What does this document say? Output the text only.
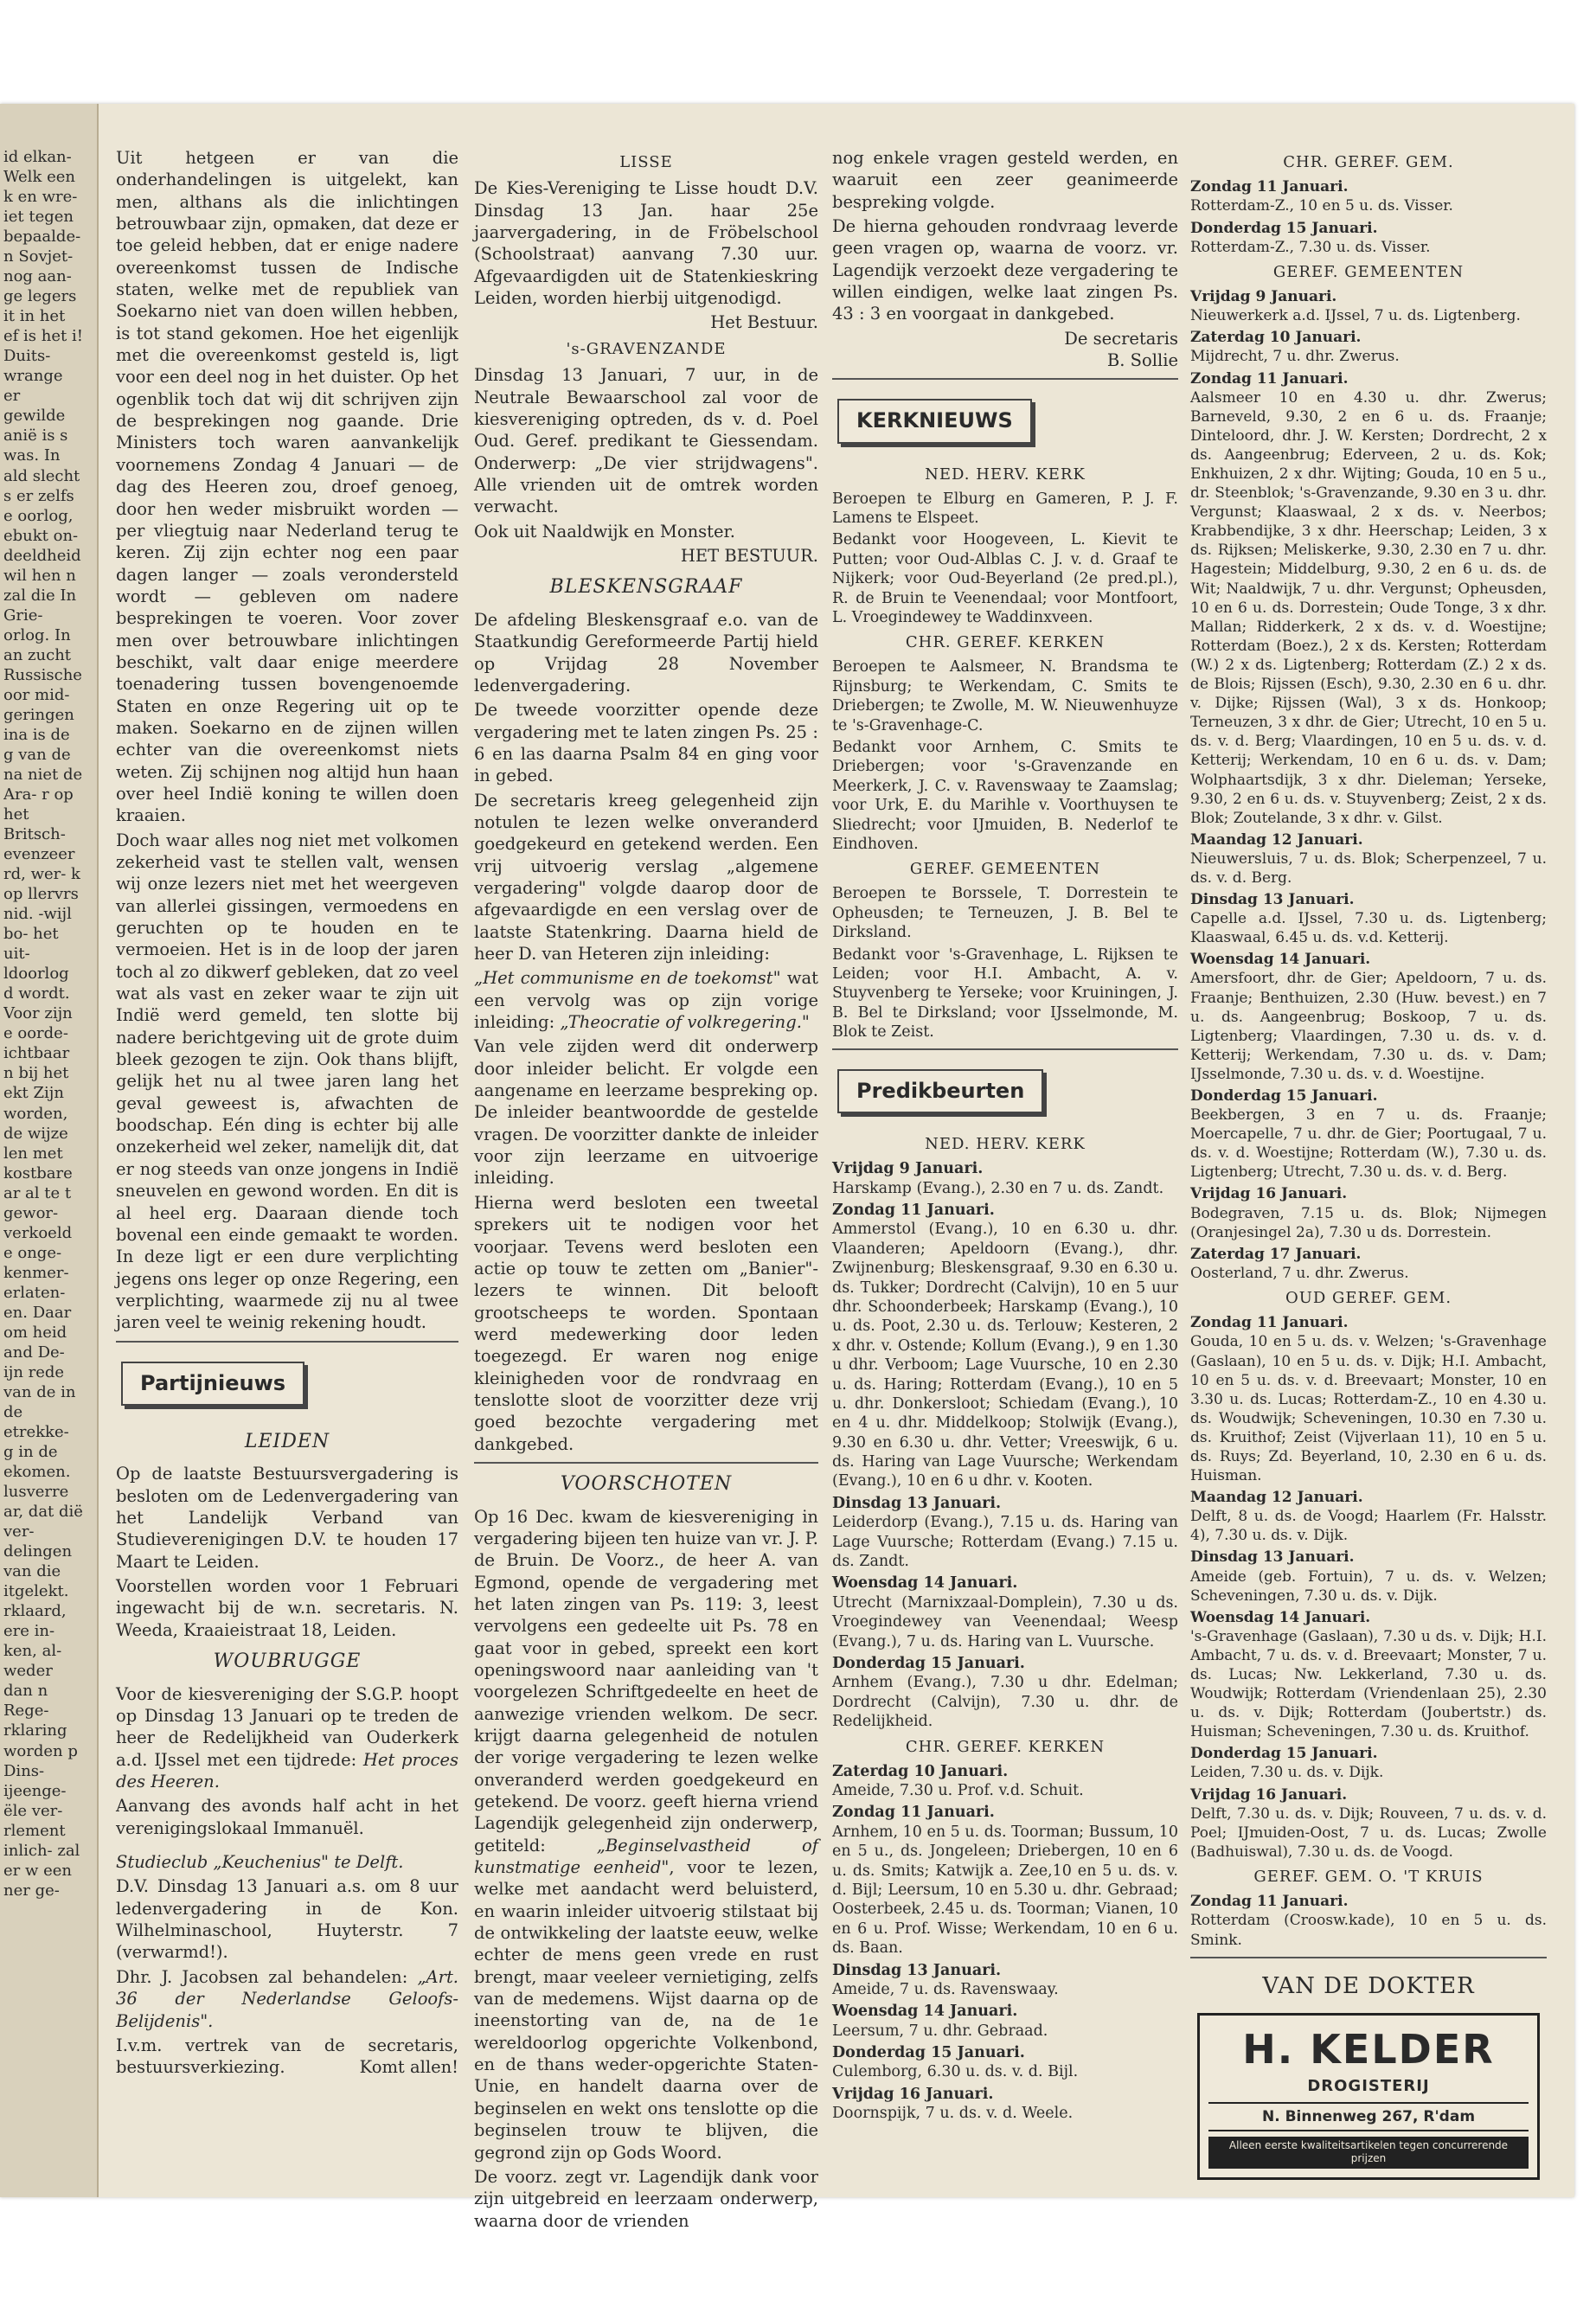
id elkan- Welk een k en wre- iet tegen bepaalde- n Sovjet- nog aan- ge legers it in het ef is het i! Duits- wrange er gewilde anië is s was. In ald slecht s er zelfs e oorlog, ebukt on- deeldheid wil hen n zal die In Grie- orlog. In an zucht Russische oor mid- geringen ina is de g van de na niet de Ara- r op het Britsch- evenzeer rd, wer- k op llervrs nid. -wijl bo- het uit- ldoorlog d wordt. Voor zijn e oorde- ichtbaar n bij het ekt Zijn worden, de wijze len met kostbare ar al te t gewor- verkoeld e onge- kenmer- erlaten- en. Daar om heid and De- ijn rede van de in de etrekke- g in de ekomen. lusverre ar, dat dië ver- delingen van die itgelekt. rklaard, ere in- ken, al- weder dan n Rege- rklaring worden p Dins- ijeenge- ële ver- rlement inlich- zal er w een ner ge-

Uit hetgeen er van die onderhandelingen is uitgelekt, kan men, althans als die inlichtingen betrouwbaar zijn, opmaken, dat deze er toe geleid hebben, dat er enige nadere overeenkomst tussen de Indische staten, welke met de republiek van Soekarno niet van doen willen hebben, is tot stand gekomen. Hoe het eigenlijk met die overeenkomst gesteld is, ligt voor een deel nog in het duister. Op het ogenblik toch dat wij dit schrijven zijn de besprekingen nog gaande. Drie Ministers toch waren aanvankelijk voornemens Zondag 4 Januari — de dag des Heeren zou, droef genoeg, door hen weder misbruikt worden — per vliegtuig naar Nederland terug te keren. Zij zijn echter nog een paar dagen langer — zoals verondersteld wordt — gebleven om nadere besprekingen te voeren. Voor zover men over betrouwbare inlichtingen beschikt, valt daar enige meerdere toenadering tussen bovengenoemde Staten en onze Regering uit op te maken. Soekarno en de zijnen willen echter van die overeenkomst niets weten. Zij schijnen nog altijd hun haan over heel Indië koning te willen doen kraaien.

Doch waar alles nog niet met volkomen zekerheid vast te stellen valt, wensen wij onze lezers niet met het weergeven van allerlei gissingen, vermoedens en geruchten op te houden en te vermoeien. Het is in de loop der jaren toch al zo dikwerf gebleken, dat zo veel wat als vast en zeker waar te zijn uit Indië werd gemeld, ten slotte bij nadere berichtgeving uit de grote duim bleek gezogen te zijn. Ook thans blijft, gelijk het nu al twee jaren lang het geval geweest is, afwachten de boodschap. Eén ding is echter bij alle onzekerheid wel zeker, namelijk dit, dat er nog steeds van onze jongens in Indië sneuvelen en gewond worden. En dit is al heel erg. Daaraan diende toch bovenal een einde gemaakt te worden. In deze ligt er een dure verplichting jegens ons leger op onze Regering, een verplichting, waarmede zij nu al twee jaren veel te weinig rekening houdt.

Partijnieuws
LEIDEN

Op de laatste Bestuursvergadering is besloten om de Ledenvergadering van het Landelijk Verband van Studieverenigingen D.V. te houden 17 Maart te Leiden.

Voorstellen worden voor 1 Februari ingewacht bij de w.n. secretaris. N. Weeda, Kraaieistraat 18, Leiden.

WOUBRUGGE

Voor de kiesvereniging der S.G.P. hoopt op Dinsdag 13 Januari op te treden de heer de Redelijkheid van Ouderkerk a.d. IJssel met een tijdrede: Het proces des Heeren.

Aanvang des avonds half acht in het verenigingslokaal Immanuël.

Studieclub „Keuchenius" te Delft.

D.V. Dinsdag 13 Januari a.s. om 8 uur ledenvergadering in de Kon. Wilhelminaschool, Huyterstr. 7 (verwarmd!).

Dhr. J. Jacobsen zal behandelen: „Art. 36 der Nederlandse Geloofs-Belijdenis".

I.v.m. vertrek van de secretaris, bestuursverkiezing.	Komt allen!

LISSE

De Kies-Vereniging te Lisse houdt D.V. Dinsdag 13 Jan. haar 25e jaarvergadering, in de Fröbelschool (Schoolstraat) aanvang 7.30 uur. Afgevaardigden uit de Statenkieskring Leiden, worden hierbij uitgenodigd.

Het Bestuur.

's-GRAVENZANDE

Dinsdag 13 Januari, 7 uur, in de Neutrale Bewaarschool zal voor de kiesvereniging optreden, ds v. d. Poel Oud. Geref. predikant te Giessendam. Onderwerp: „De vier strijdwagens". Alle vrienden uit de omtrek worden verwacht.

Ook uit Naaldwijk en Monster.

HET BESTUUR.

BLESKENSGRAAF

De afdeling Bleskensgraaf e.o. van de Staatkundig Gereformeerde Partij hield op Vrijdag 28 November ledenvergadering.

De tweede voorzitter opende deze vergadering met te laten zingen Ps. 25 : 6 en las daarna Psalm 84 en ging voor in gebed.

De secretaris kreeg gelegenheid zijn notulen te lezen welke onveranderd goedgekeurd en getekend werden. Een vrij uitvoerig verslag „algemene vergadering" volgde daarop door de afgevaardigde en een verslag over de laatste Statenkring. Daarna hield de heer D. van Heteren zijn inleiding:

„Het communisme en de toekomst" wat een vervolg was op zijn vorige inleiding: „Theocratie of volkregering."

Van vele zijden werd dit onderwerp door inleider belicht. Er volgde een aangename en leerzame bespreking op. De inleider beantwoordde de gestelde vragen. De voorzitter dankte de inleider voor zijn leerzame en uitvoerige inleiding.

Hierna werd besloten een tweetal sprekers uit te nodigen voor het voorjaar. Tevens werd besloten een actie op touw te zetten om „Banier"-lezers te winnen. Dit belooft grootscheeps te worden. Spontaan werd medewerking door leden toegezegd. Er waren nog enige kleinigheden voor de rondvraag en tenslotte sloot de voorzitter deze vrij goed bezochte vergadering met dankgebed.

VOORSCHOTEN

Op 16 Dec. kwam de kiesvereniging in vergadering bijeen ten huize van vr. J. P. de Bruin. De Voorz., de heer A. van Egmond, opende de vergadering met het laten zingen van Ps. 119: 3, leest vervolgens een gedeelte uit Ps. 78 en gaat voor in gebed, spreekt een kort openingswoord naar aanleiding van 't voorgelezen Schriftgedeelte en heet de aanwezige vrienden welkom. De secr. krijgt daarna gelegenheid de notulen der vorige vergadering te lezen welke onveranderd werden goedgekeurd en getekend. De voorz. geeft hierna vriend Lagendijk gelegenheid zijn onderwerp, getiteld: „Beginselvastheid of kunstmatige eenheid", voor te lezen, welke met aandacht werd beluisterd, en waarin inleider uitvoerig stilstaat bij de ontwikkeling der laatste eeuw, welke echter de mens geen vrede en rust brengt, maar veeleer vernietiging, zelfs van de medemens. Wijst daarna op de ineenstorting van de, na de 1e wereldoorlog opgerichte Volkenbond, en de thans weder-opgerichte Staten-Unie, en handelt daarna over de beginselen en wekt ons tenslotte op die beginselen trouw te blijven, die gegrond zijn op Gods Woord.

De voorz. zegt vr. Lagendijk dank voor zijn uitgebreid en leerzaam onderwerp, waarna door de vrienden

nog enkele vragen gesteld werden, en waaruit een zeer geanimeerde bespreking volgde.

De hierna gehouden rondvraag leverde geen vragen op, waarna de voorz. vr. Lagendijk verzoekt deze vergadering te willen eindigen, welke laat zingen Ps. 43 : 3 en voorgaat in dankgebed.

De secretaris

B. Sollie

KERKNIEUWS
NED. HERV. KERK

Beroepen te Elburg en Gameren, P. J. F. Lamens te Elspeet.

Bedankt voor Hoogeveen, L. Kievit te Putten; voor Oud-Alblas C. J. v. d. Graaf te Nijkerk; voor Oud-Beyerland (2e pred.pl.), R. de Bruin te Veenendaal; voor Montfoort, L. Vroegindewey te Waddinxveen.

CHR. GEREF. KERKEN

Beroepen te Aalsmeer, N. Brandsma te Rijnsburg; te Werkendam, C. Smits te Driebergen; te Zwolle, M. W. Nieuwenhuyze te 's-Gravenhage-C.

Bedankt voor Arnhem, C. Smits te Driebergen; voor 's-Gravenzande en Meerkerk, J. C. v. Ravenswaay te Zaamslag; voor Urk, E. du Marihle v. Voorthuysen te Sliedrecht; voor IJmuiden, B. Nederlof te Eindhoven.

GEREF. GEMEENTEN

Beroepen te Borssele, T. Dorrestein te Opheusden; te Terneuzen, J. B. Bel te Dirksland.

Bedankt voor 's-Gravenhage, L. Rijksen te Leiden; voor H.I. Ambacht, A. v. Stuyvenberg te Yerseke; voor Kruiningen, J. B. Bel te Dirksland; voor IJsselmonde, M. Blok te Zeist.

Predikbeurten
NED. HERV. KERK
Vrijdag 9 Januari.

Harskamp (Evang.), 2.30 en 7 u. ds. Zandt.

Zondag 11 Januari.

Ammerstol (Evang.), 10 en 6.30 u. dhr. Vlaanderen; Apeldoorn (Evang.), dhr. Zwijnenburg; Bleskensgraaf, 9.30 en 6.30 u. ds. Tukker; Dordrecht (Calvijn), 10 en 5 uur dhr. Schoonderbeek; Harskamp (Evang.), 10 u. ds. Poot, 2.30 u. ds. Terlouw; Kesteren, 2 x dhr. v. Ostende; Kollum (Evang.), 9 en 1.30 u dhr. Verboom; Lage Vuursche, 10 en 2.30 u. ds. Haring; Rotterdam (Evang.), 10 en 5 u. dhr. Donkersloot; Schiedam (Evang.), 10 en 4 u. dhr. Middelkoop; Stolwijk (Evang.), 9.30 en 6.30 u. dhr. Vetter; Vreeswijk, 6 u. ds. Haring van Lage Vuursche; Werkendam (Evang.), 10 en 6 u dhr. v. Kooten.

Dinsdag 13 Januari.

Leiderdorp (Evang.), 7.15 u. ds. Haring van Lage Vuursche; Rotterdam (Evang.) 7.15 u. ds. Zandt.

Woensdag 14 Januari.

Utrecht (Marnixzaal-Domplein), 7.30 u ds. Vroegindewey van Veenendaal; Weesp (Evang.), 7 u. ds. Haring van L. Vuursche.

Donderdag 15 Januari.

Arnhem (Evang.), 7.30 u dhr. Edelman; Dordrecht (Calvijn), 7.30 u. dhr. de Redelijkheid.

CHR. GEREF. KERKEN
Zaterdag 10 Januari.

Ameide, 7.30 u. Prof. v.d. Schuit.

Zondag 11 Januari.

Arnhem, 10 en 5 u. ds. Toorman; Bussum, 10 en 5 u., ds. Jongeleen; Driebergen, 10 en 6 u. ds. Smits; Katwijk a. Zee,10 en 5 u. ds. v. d. Bijl; Leersum, 10 en 5.30 u. dhr. Gebraad; Oosterbeek, 2.45 u. ds. Toorman; Vianen, 10 en 6 u. Prof. Wisse; Werkendam, 10 en 6 u. ds. Baan.

Dinsdag 13 Januari.

Ameide, 7 u. ds. Ravenswaay.

Woensdag 14 Januari.

Leersum, 7 u. dhr. Gebraad.

Donderdag 15 Januari.

Culemborg, 6.30 u. ds. v. d. Bijl.

Vrijdag 16 Januari.

Doornspijk, 7 u. ds. v. d. Weele.

CHR. GEREF. GEM.
Zondag 11 Januari.

Rotterdam-Z., 10 en 5 u. ds. Visser.

Donderdag 15 Januari.

Rotterdam-Z., 7.30 u. ds. Visser.

GEREF. GEMEENTEN
Vrijdag 9 Januari.

Nieuwerkerk a.d. IJssel, 7 u. ds. Ligtenberg.

Zaterdag 10 Januari.

Mijdrecht, 7 u. dhr. Zwerus.

Zondag 11 Januari.

Aalsmeer 10 en 4.30 u. dhr. Zwerus; Barneveld, 9.30, 2 en 6 u. ds. Fraanje; Dinteloord, dhr. J. W. Kersten; Dordrecht, 2 x ds. Aangeenbrug; Ederveen, 2 u. ds. Kok; Enkhuizen, 2 x dhr. Wijting; Gouda, 10 en 5 u., dr. Steenblok; 's-Gravenzande, 9.30 en 3 u. dhr. Vergunst; Klaaswaal, 2 x ds. v. Neerbos; Krabbendijke, 3 x dhr. Heerschap; Leiden, 3 x ds. Rijksen; Meliskerke, 9.30, 2.30 en 7 u. dhr. Hagestein; Middelburg, 9.30, 2 en 6 u. ds. de Wit; Naaldwijk, 7 u. dhr. Vergunst; Opheusden, 10 en 6 u. ds. Dorrestein; Oude Tonge, 3 x dhr. Mallan; Ridderkerk, 2 x ds. v. d. Woestijne; Rotterdam (Boez.), 2 x ds. Kersten; Rotterdam (W.) 2 x ds. Ligtenberg; Rotterdam (Z.) 2 x ds. de Blois; Rijssen (Esch), 9.30, 2.30 en 6 u. dhr. v. Dijke; Rijssen (Wal), 3 x ds. Honkoop; Terneuzen, 3 x dhr. de Gier; Utrecht, 10 en 5 u. ds. v. d. Berg; Vlaardingen, 10 en 5 u. ds. v. d. Ketterij; Werkendam, 10 en 6 u. ds. v. Dam; Wolphaartsdijk, 3 x dhr. Dieleman; Yerseke, 9.30, 2 en 6 u. ds. v. Stuyvenberg; Zeist, 2 x ds. Blok; Zoutelande, 3 x dhr. v. Gilst.

Maandag 12 Januari.

Nieuwersluis, 7 u. ds. Blok; Scherpenzeel, 7 u. ds. v. d. Berg.

Dinsdag 13 Januari.

Capelle a.d. IJssel, 7.30 u. ds. Ligtenberg; Klaaswaal, 6.45 u. ds. v.d. Ketterij.

Woensdag 14 Januari.

Amersfoort, dhr. de Gier; Apeldoorn, 7 u. ds. Fraanje; Benthuizen, 2.30 (Huw. bevest.) en 7 u. ds. Aangeenbrug; Boskoop, 7 u. ds. Ligtenberg; Vlaardingen, 7.30 u. ds. v. d. Ketterij; Werkendam, 7.30 u. ds. v. Dam; IJsselmonde, 7.30 u. ds. v. d. Woestijne.

Donderdag 15 Januari.

Beekbergen, 3 en 7 u. ds. Fraanje; Moercapelle, 7 u. dhr. de Gier; Poortugaal, 7 u. ds. v. d. Woestijne; Rotterdam (W.), 7.30 u. ds. Ligtenberg; Utrecht, 7.30 u. ds. v. d. Berg.

Vrijdag 16 Januari.

Bodegraven, 7.15 u. ds. Blok; Nijmegen (Oranjesingel 2a), 7.30 u ds. Dorrestein.

Zaterdag 17 Januari.

Oosterland, 7 u. dhr. Zwerus.

OUD GEREF. GEM.
Zondag 11 Januari.

Gouda, 10 en 5 u. ds. v. Welzen; 's-Gravenhage (Gaslaan), 10 en 5 u. ds. v. Dijk; H.I. Ambacht, 10 en 5 u. ds. v. d. Breevaart; Monster, 10 en 3.30 u. ds. Lucas; Rotterdam-Z., 10 en 4.30 u. ds. Woudwijk; Scheveningen, 10.30 en 7.30 u. ds. Kruithof; Zeist (Vijverlaan 11), 10 en 5 u. ds. Ruys; Zd. Beyerland, 10, 2.30 en 6 u. ds. Huisman.

Maandag 12 Januari.

Delft, 8 u. ds. de Voogd; Haarlem (Fr. Halsstr. 4), 7.30 u. ds. v. Dijk.

Dinsdag 13 Januari.

Ameide (geb. Fortuin), 7 u. ds. v. Welzen; Scheveningen, 7.30 u. ds. v. Dijk.

Woensdag 14 Januari.

's-Gravenhage (Gaslaan), 7.30 u ds. v. Dijk; H.I. Ambacht, 7 u. ds. v. d. Breevaart; Monster, 7 u. ds. Lucas; Nw. Lekkerland, 7.30 u. ds. Woudwijk; Rotterdam (Vriendenlaan 25), 2.30 u. ds. v. Dijk; Rotterdam (Joubertstr.) ds. Huisman; Scheveningen, 7.30 u. ds. Kruithof.

Donderdag 15 Januari.

Leiden, 7.30 u. ds. v. Dijk.

Vrijdag 16 Januari.

Delft, 7.30 u. ds. v. Dijk; Rouveen, 7 u. ds. v. d. Poel; IJmuiden-Oost, 7 u. ds. Lucas; Zwolle (Badhuiswal), 7.30 u. ds. de Voogd.

GEREF. GEM. O. 'T KRUIS
Zondag 11 Januari.

Rotterdam (Croosw.kade), 10 en 5 u. ds. Smink.

VAN DE DOKTER
H. KELDER
DROGISTERIJ
N. Binnenweg 267, R'dam
Alleen eerste kwaliteitsartikelen tegen concurrerende prijzen
